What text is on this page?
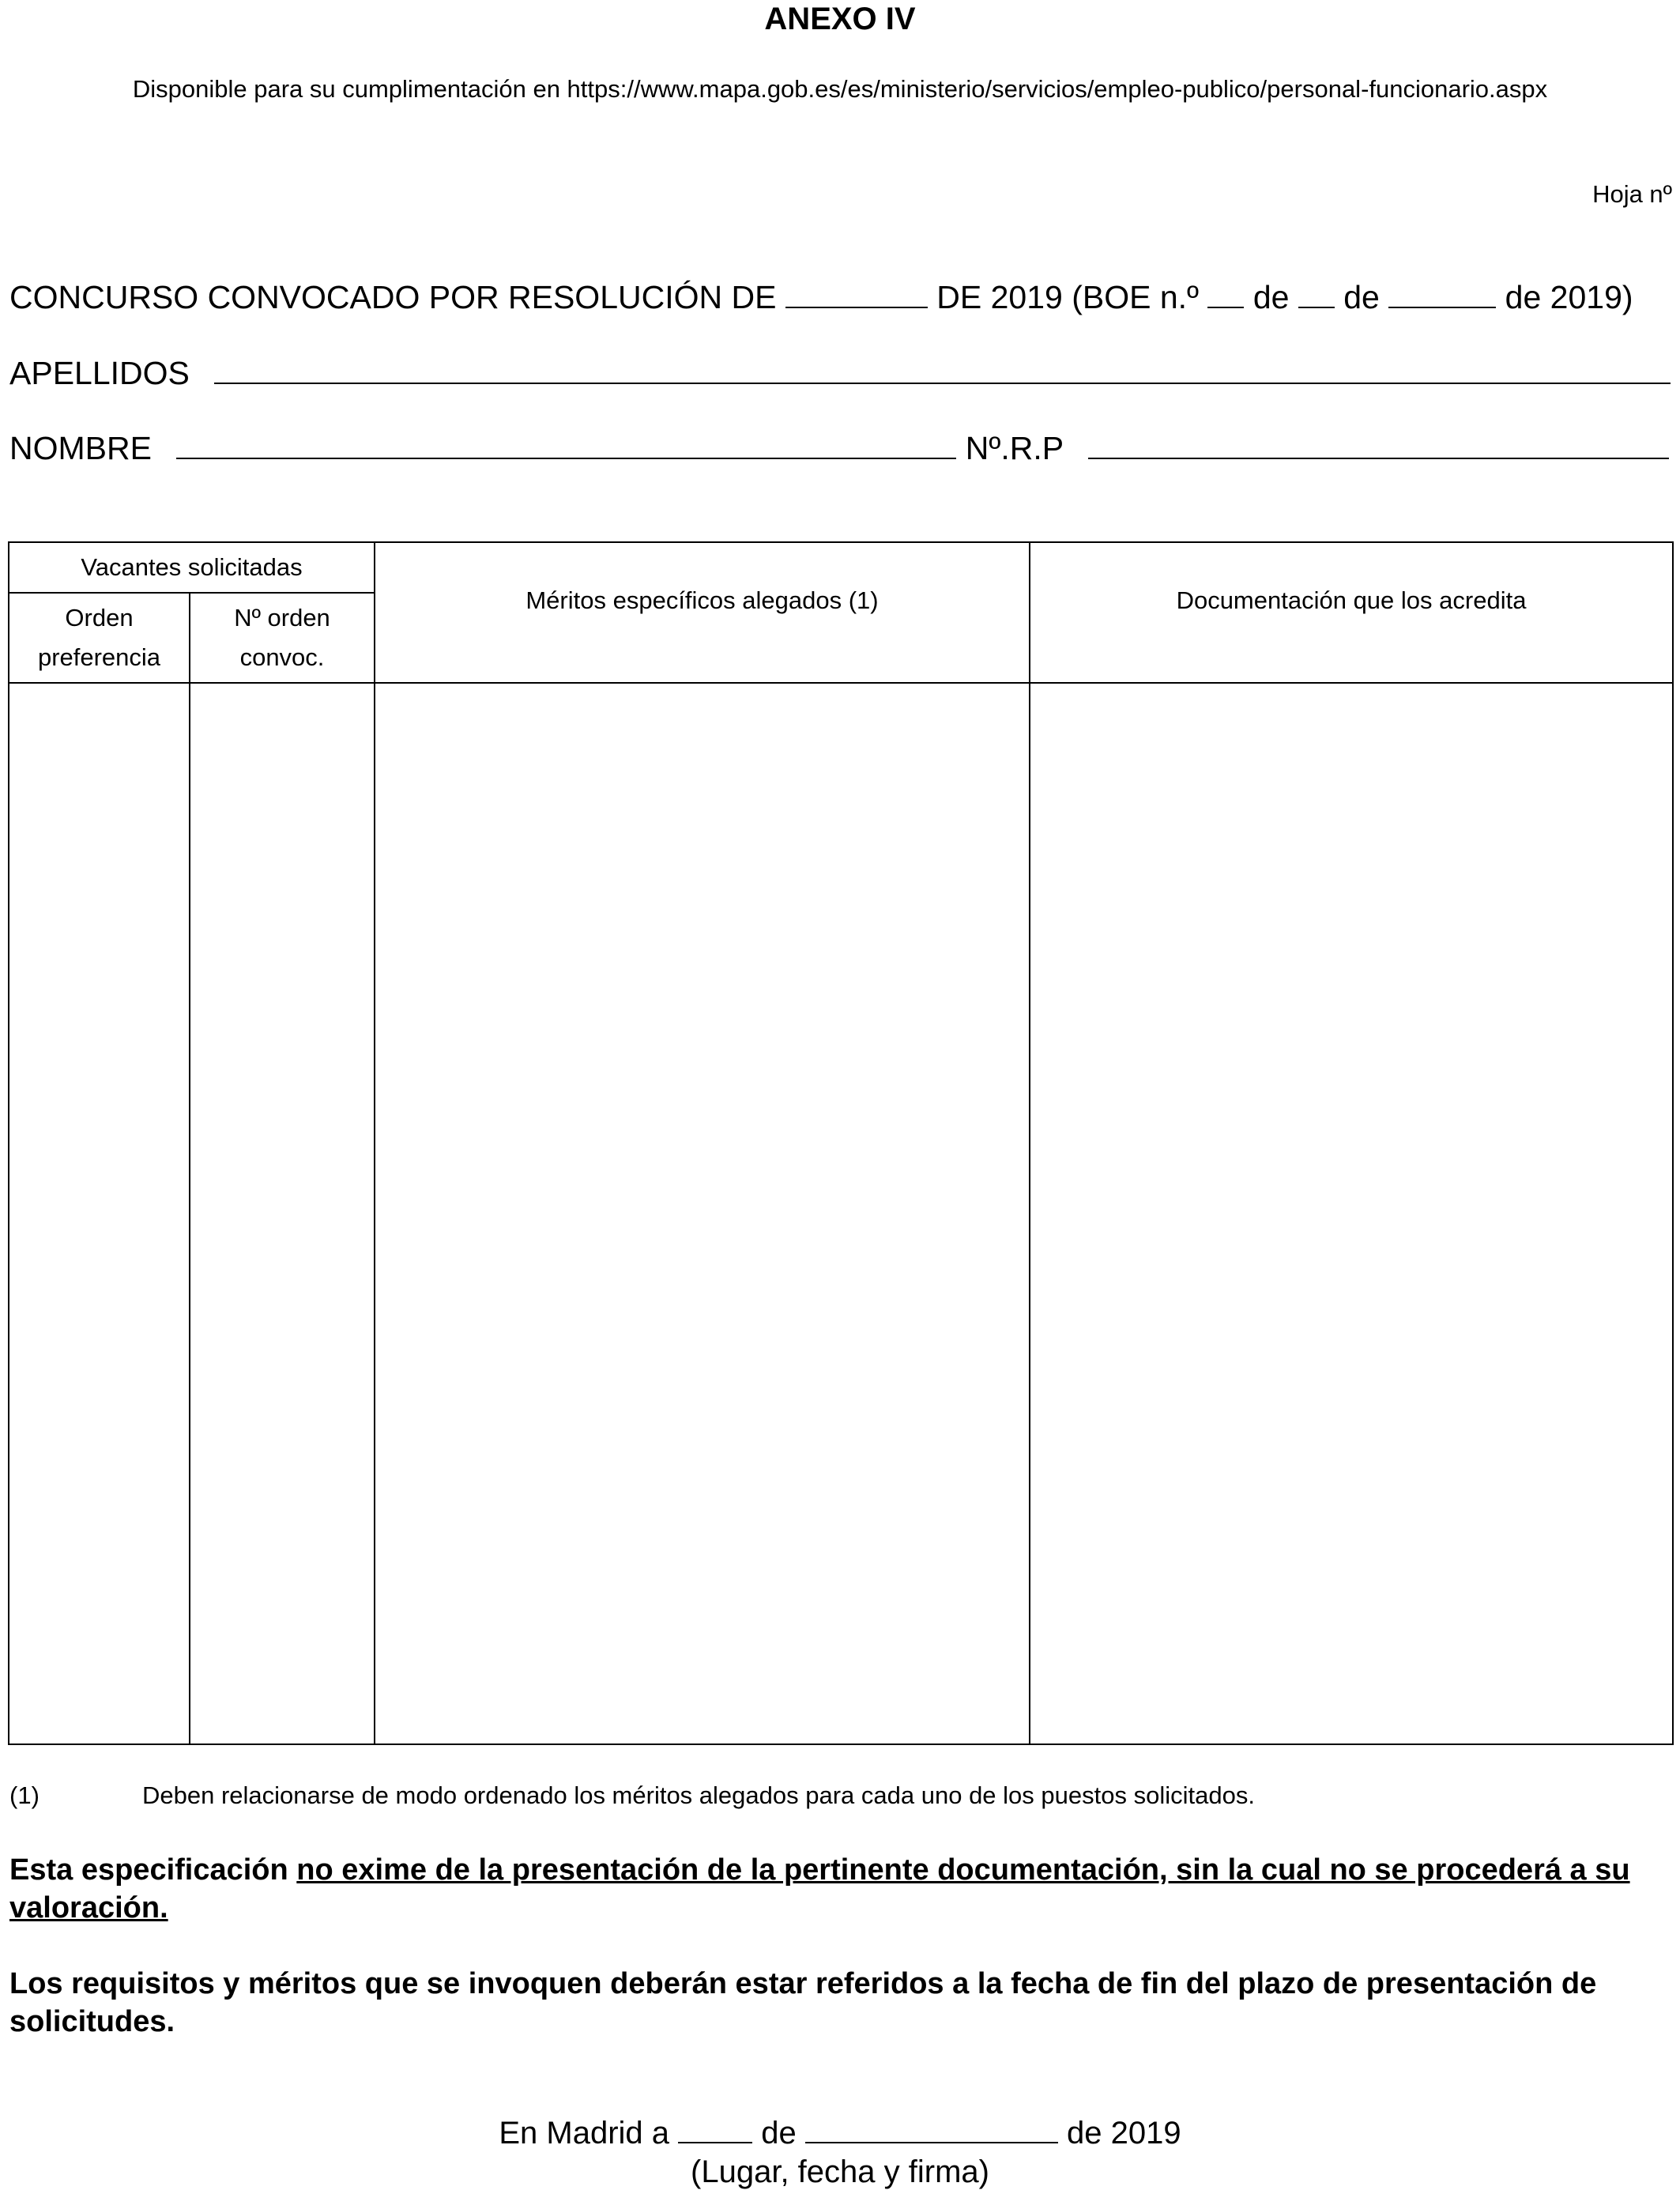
ANEXO IV
Disponible para su cumplimentación en https://www.mapa.gob.es/es/ministerio/servicios/empleo-publico/personal-funcionario.aspx
Hoja nº
CONCURSO CONVOCADO POR RESOLUCIÓN DE	DE 2019 (BOE n.º de de	de 2019)
APELLIDOS
NOMBRE	Nº.R.P
Vacantes solicitadas		Méritos específicos alegados (1)	Documentación que los acredita
Orden preferencia	Nº orden convoc.		

(1)	Deben relacionarse de modo ordenado los méritos alegados para cada uno de los puestos solicitados.
Esta especificación no exime de la presentación de la pertinente documentación, sin la cual no se procederá a su valoración.
Los requisitos y méritos que se invoquen deberán estar referidos a la fecha de fin del plazo de presentación de solicitudes.
En Madrid a	de	de 2019
(Lugar, fecha y firma)
